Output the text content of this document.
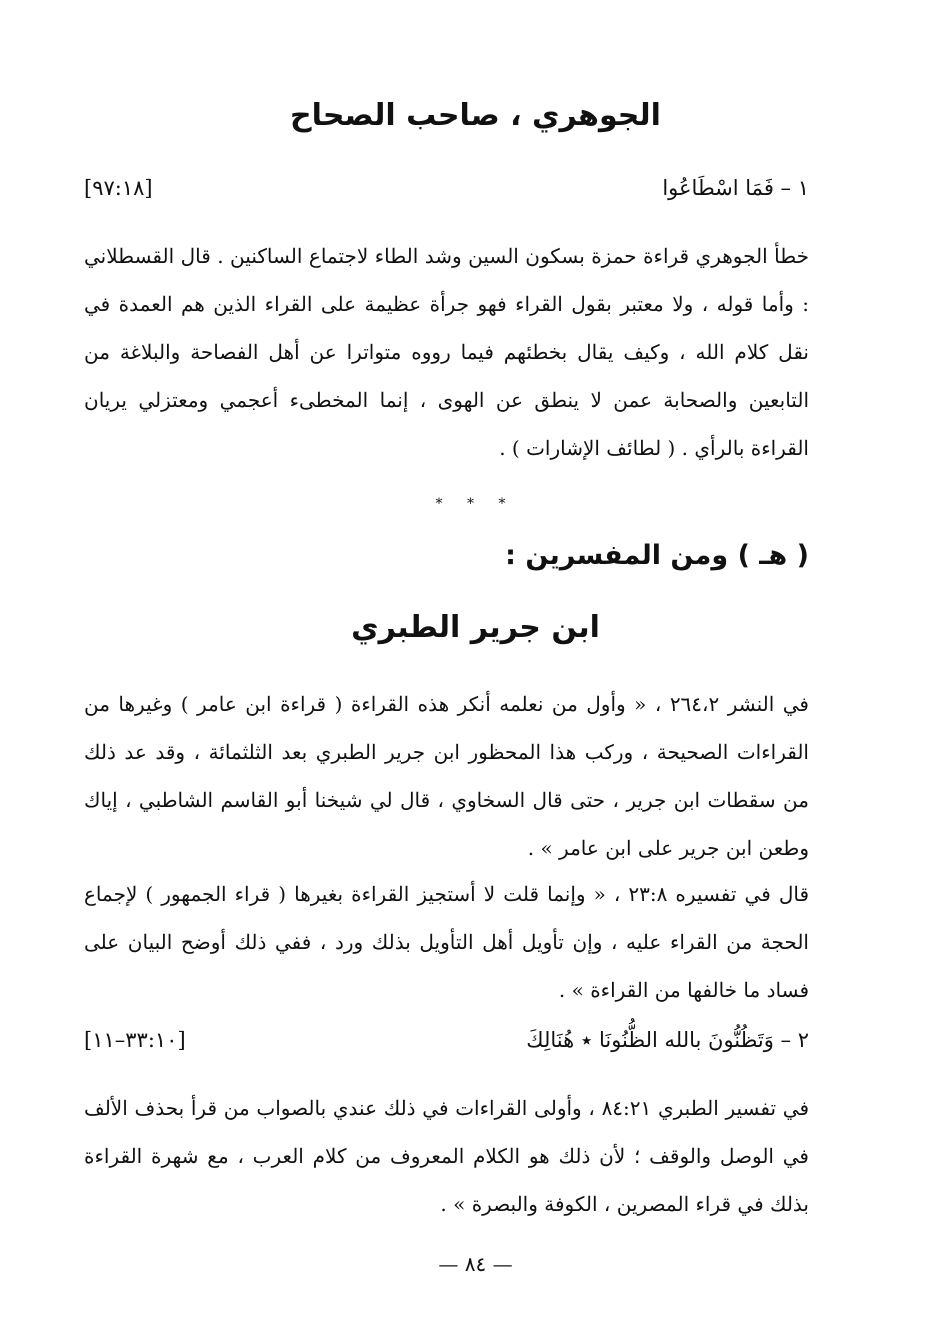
الجوهري ، صاحب الصحاح
١ – فَمَا اسْطَاعُوا
[٩٧:١٨]

خطأ الجوهري قراءة حمزة بسكون السين وشد الطاء لاجتماع الساكنين . قال القسطلاني : وأما قوله ، ولا معتبر بقول القراء فهو جرأة عظيمة على القراء الذين هم العمدة في نقل كلام الله ، وكيف يقال بخطئهم فيما رووه متواترا عن أهل الفصاحة والبلاغة من التابعين والصحابة عمن لا ينطق عن الهوى ، إنما المخطىء أعجمي ومعتزلي يريان القراءة بالرأي . ( لطائف الإشارات ) .

* * *
( هـ ) ومن المفسرين :
ابن جرير الطبري

في النشر ٢٦٤،٢ ، « وأول من نعلمه أنكر هذه القراءة ( قراءة ابن عامر ) وغيرها من القراءات الصحيحة ، وركب هذا المحظور ابن جرير الطبري بعد الثلثمائة ، وقد عد ذلك من سقطات ابن جرير ، حتى قال السخاوي ، قال لي شيخنا أبو القاسم الشاطبي ، إياك وطعن ابن جرير على ابن عامر » .

قال في تفسيره ٢٣:٨ ، « وإنما قلت لا أستجيز القراءة بغيرها ( قراء الجمهور ) لإجماع الحجة من القراء عليه ، وإن تأويل أهل التأويل بذلك ورد ، ففي ذلك أوضح البيان على فساد ما خالفها من القراءة » .

٢ – وَتَظُنُّونَ بالله الظُّنُونَا ٭ هُنَالِكَ
[٣٣:١٠–١١]

في تفسير الطبري ٨٤:٢١ ، وأولى القراءات في ذلك عندي بالصواب من قرأ بحذف الألف في الوصل والوقف ؛ لأن ذلك هو الكلام المعروف من كلام العرب ، مع شهرة القراءة بذلك في قراء المصرين ، الكوفة والبصرة » .

— ٨٤ —
